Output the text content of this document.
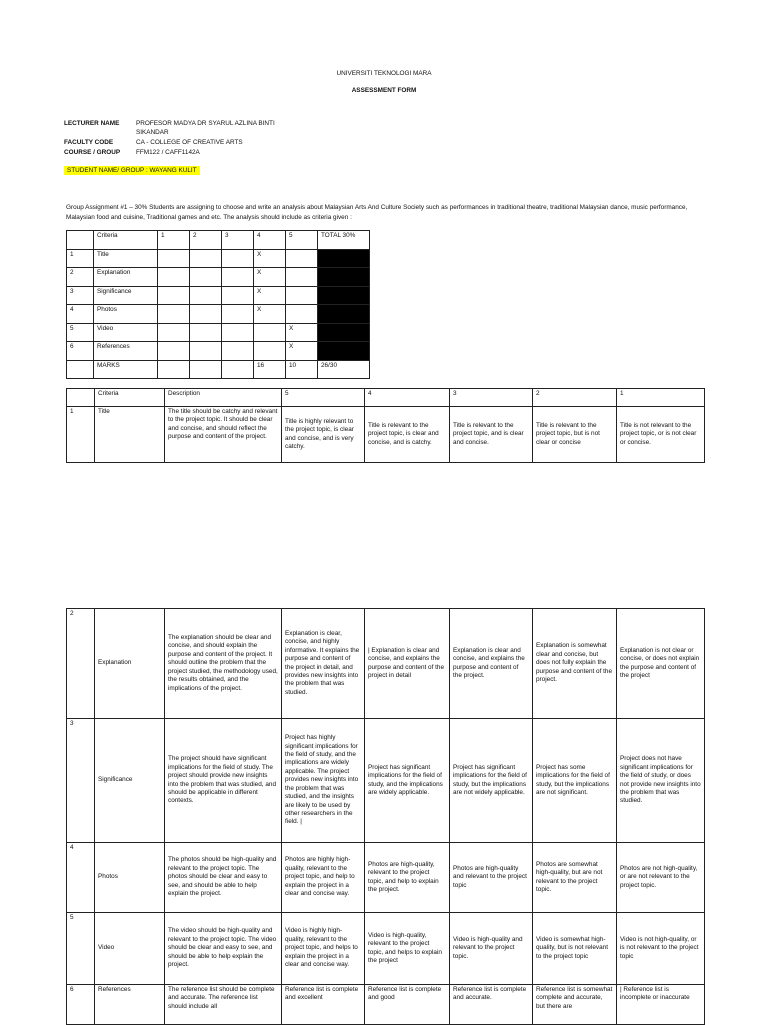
UNIVERSITI TEKNOLOGI MARA
ASSESSMENT FORM
LECTURER NAME	PROFESOR MADYA DR SYARUL AZLINA BINTI
SIKANDAR
FACULTY CODE	CA - COLLEGE OF CREATIVE ARTS
COURSE / GROUP FFM122 / CAFF1142A
STUDENT NAME/ GROUP : WAYANG KULIT
Group Assignment #1 – 30% Students are assigning to choose and write an analysis about Malaysian Arts And Culture Society such as performances in traditional theatre, traditional Malaysian dance, music performance, Malaysian food and cuisine, Traditional games and etc. The analysis should include as criteria given :
	Criteria	1	2	3	4	5	TOTAL 30%
1	Title				X		
2	Explanation				X		
3	Significance				X		
4	Photos				X		
5	Video					X	
6	References					X	
	MARKS				16	10	26/30
	Criteria	Description	5	4	3	2	1
1	Title	The title should be catchy and relevant to the project topic. It should be clear and concise, and should reflect the purpose and content of the project.	Title is highly relevant to the project topic, is clear and concise, and is very catchy.	Title is relevant to the project topic, is clear and concise, and is catchy.	Title is relevant to the project topic, and is clear and concise.	Title is relevant to the project topic, but is not clear or concise	Title is not relevant to the project topic, or is not clear or concise.
2	Explanation	The explanation should be clear and concise, and should explain the purpose and content of the project. It should outline the problem that the project studied, the methodology used, the results obtained, and the implications of the project.	Explanation is clear, concise, and highly informative. It explains the purpose and content of the project in detail, and provides new insights into the problem that was studied.	| Explanation is clear and concise, and explains the purpose and content of the project in detail	Explanation is clear and concise, and explains the purpose and content of the project.	Explanation is somewhat clear and concise, but does not fully explain the purpose and content of the project.	Explanation is not clear or concise, or does not explain the purpose and content of the project
3	Significance	The project should have significant implications for the field of study. The project should provide new insights into the problem that was studied, and should be applicable in different contexts.	Project has highly significant implications for the field of study, and the implications are widely applicable. The project provides new insights into the problem that was studied, and the insights are likely to be used by other researchers in the field. |	Project has significant implications for the field of study, and the implications are widely applicable.	Project has significant implications for the field of study, but the implications are not widely applicable.	Project has some implications for the field of study, but the implications are not significant.	Project does not have significant implications for the field of study, or does not provide new insights into the problem that was studied.
4	Photos	The photos should be high-quality and relevant to the project topic. The photos should be clear and easy to see, and should be able to help explain the project.	Photos are highly high-quality, relevant to the project topic, and help to explain the project in a clear and concise way.	Photos are high-quality, relevant to the project topic, and help to explain the project.	Photos are high-quality and relevant to the project topic	Photos are somewhat high-quality, but are not relevant to the project topic.	Photos are not high-quality, or are not relevant to the project topic.
5	Video	The video should be high-quality and relevant to the project topic. The video should be clear and easy to see, and should be able to help explain the project.	Video is highly high-quality, relevant to the project topic, and helps to explain the project in a clear and concise way.	Video is high-quality, relevant to the project topic, and helps to explain the project	Video is high-quality and relevant to the project topic.	Video is somewhat high-quality, but is not relevant to the project topic	Video is not high-quality, or is not relevant to the project topic
6	References	The reference list should be complete and accurate. The reference list should include all	Reference list is complete and excellent	Reference list is complete and good	Reference list is complete and accurate.	Reference list is somewhat complete and accurate, but there are	| Reference list is incomplete or inaccurate
